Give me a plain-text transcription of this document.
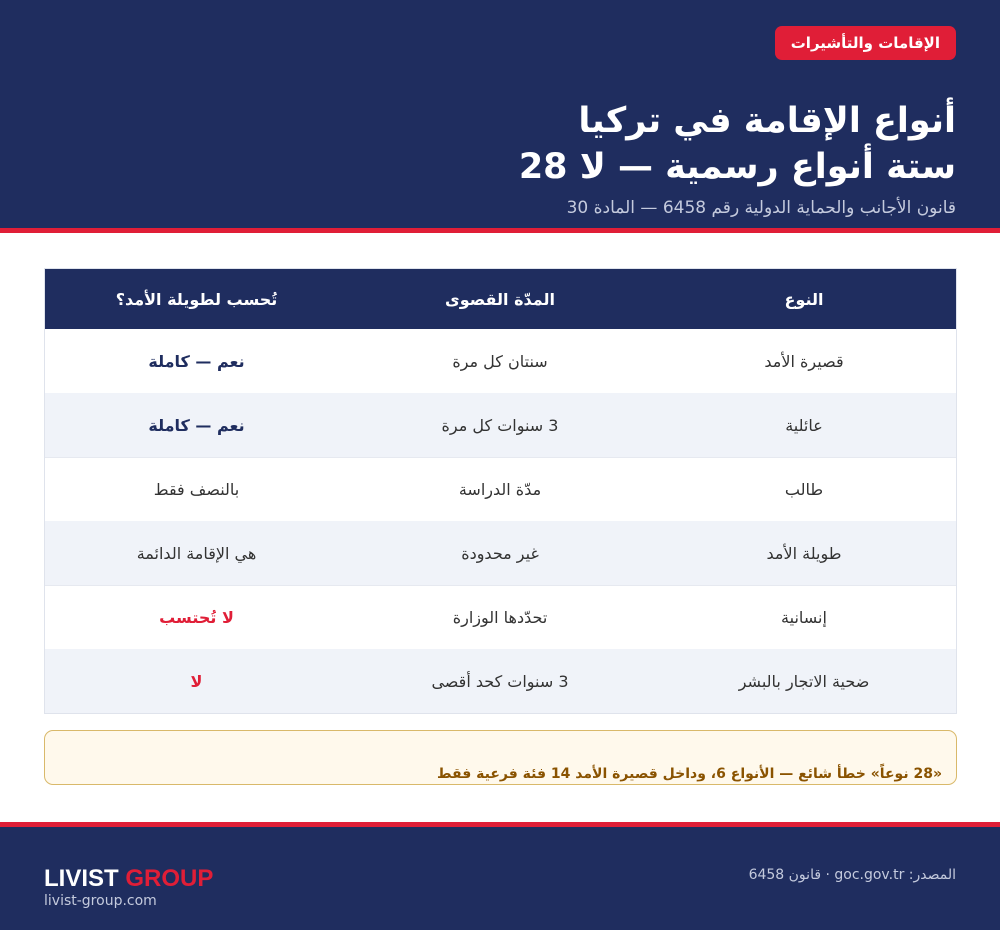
الإقامات والتأشيرات
أنواع الإقامة في تركيا
ستة أنواع رسمية — لا 28
قانون الأجانب والحماية الدولية رقم 6458 — المادة 30
النوع
المدّة القصوى
تُحسب لطويلة الأمد؟
قصيرة الأمد
سنتان كل مرة
نعم — كاملة
عائلية
3 سنوات كل مرة
نعم — كاملة
طالب
مدّة الدراسة
بالنصف فقط
طويلة الأمد
غير محدودة
هي الإقامة الدائمة
إنسانية
تحدّدها الوزارة
لا تُحتسب
ضحية الاتجار بالبشر
3 سنوات كحد أقصى
لا
«28 نوعاً» خطأ شائع — الأنواع 6، وداخل قصيرة الأمد 14 فئة فرعية فقط
LIVIST GROUP
livist-group.com
المصدر: goc.gov.tr · قانون 6458
